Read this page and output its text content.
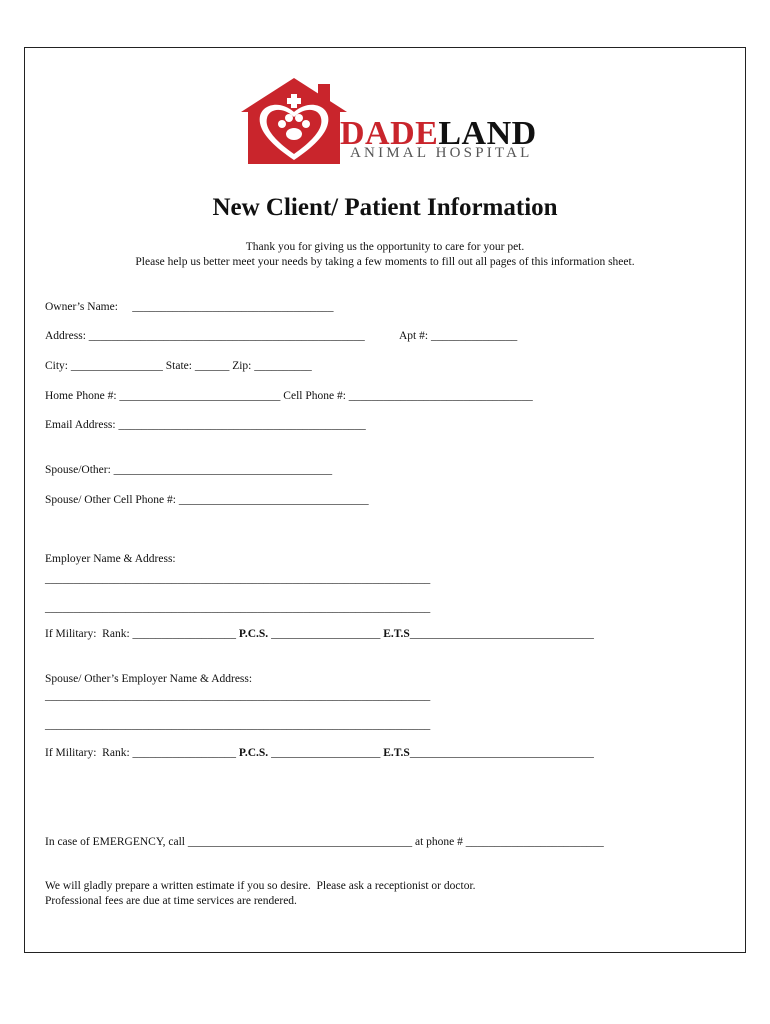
DADELAND
ANIMAL HOSPITAL
New Client/ Patient Information
Thank you for giving us the opportunity to care for your pet.
Please help us better meet your needs by taking a few moments to fill out all pages of this information sheet.
Owner’s Name:     ___________________________________
Address: ________________________________________________	Apt #: _______________
City: ________________ State: ______ Zip: __________
Home Phone #: ____________________________ Cell Phone #: ________________________________
Email Address: ___________________________________________
Spouse/Other: ______________________________________
Spouse/ Other Cell Phone #: _________________________________
Employer Name & Address:
___________________________________________________________________
___________________________________________________________________
If Military:  Rank: __________________ P.C.S. ___________________ E.T.S________________________________
Spouse/ Other’s Employer Name & Address:
___________________________________________________________________
___________________________________________________________________
If Military:  Rank: __________________ P.C.S. ___________________ E.T.S________________________________
In case of EMERGENCY, call _______________________________________ at phone # ________________________
We will gladly prepare a written estimate if you so desire.  Please ask a receptionist or doctor.
Professional fees are due at time services are rendered.
